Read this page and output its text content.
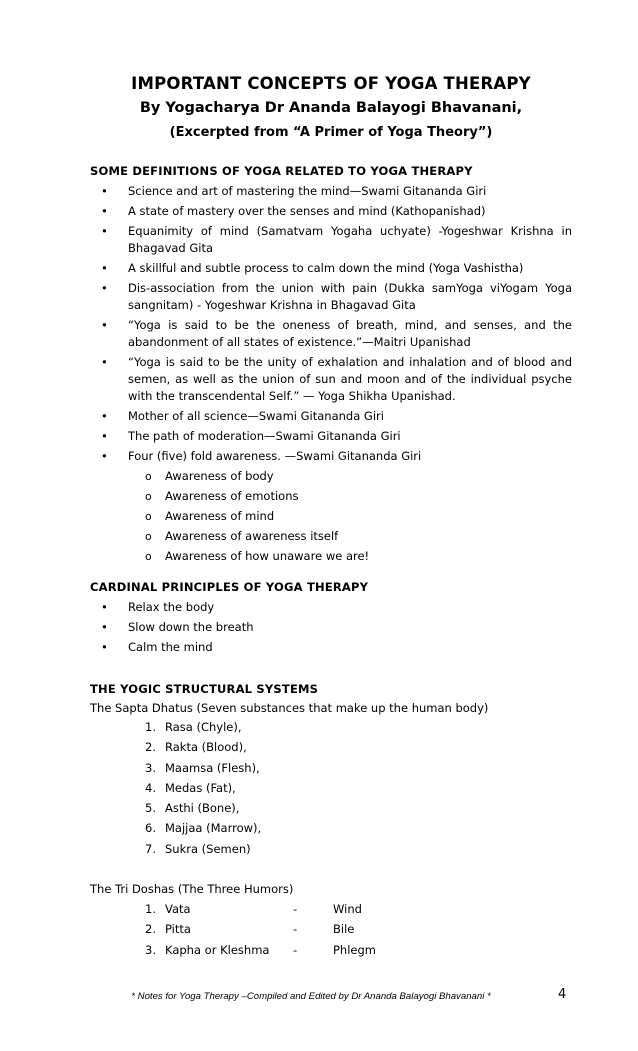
IMPORTANT CONCEPTS OF YOGA THERAPY
By Yogacharya Dr Ananda Balayogi Bhavanani,
(Excerpted from “A Primer of Yoga Theory”)
SOME DEFINITIONS OF YOGA RELATED TO YOGA THERAPY
• Science and art of mastering the mind—Swami Gitananda Giri
• A state of mastery over the senses and mind (Kathopanishad)
• Equanimity of mind (Samatvam Yogaha uchyate) -Yogeshwar Krishna in Bhagavad Gita
• A skillful and subtle process to calm down the mind (Yoga Vashistha)
• Dis-association from the union with pain (Dukka samYoga viYogam Yoga sangnitam) - Yogeshwar Krishna in Bhagavad Gita
• “Yoga is said to be the oneness of breath, mind, and senses, and the abandonment of all states of existence.”—Maitri Upanishad
• “Yoga is said to be the unity of exhalation and inhalation and of blood and semen, as well as the union of sun and moon and of the individual psyche with the transcendental Self.” — Yoga Shikha Upanishad.
• Mother of all science—Swami Gitananda Giri
• The path of moderation—Swami Gitananda Giri
• Four (five) fold awareness. —Swami Gitananda Giri
o Awareness of body
o Awareness of emotions
o Awareness of mind
o Awareness of awareness itself
o Awareness of how unaware we are!
CARDINAL PRINCIPLES OF YOGA THERAPY
• Relax the body
• Slow down the breath
• Calm the mind
THE YOGIC STRUCTURAL SYSTEMS
The Sapta Dhatus (Seven substances that make up the human body)
1. Rasa (Chyle),
2. Rakta (Blood),
3. Maamsa (Flesh),
4. Medas (Fat),
5. Asthi (Bone),
6. Majjaa (Marrow),
7. Sukra (Semen)
The Tri Doshas (The Three Humors)
1. Vata	-	Wind
2. Pitta	-	Bile
3. Kapha or Kleshma -	Phlegm
* Notes for Yoga Therapy –Compiled and Edited by Dr Ananda Balayogi Bhavanani *	4
